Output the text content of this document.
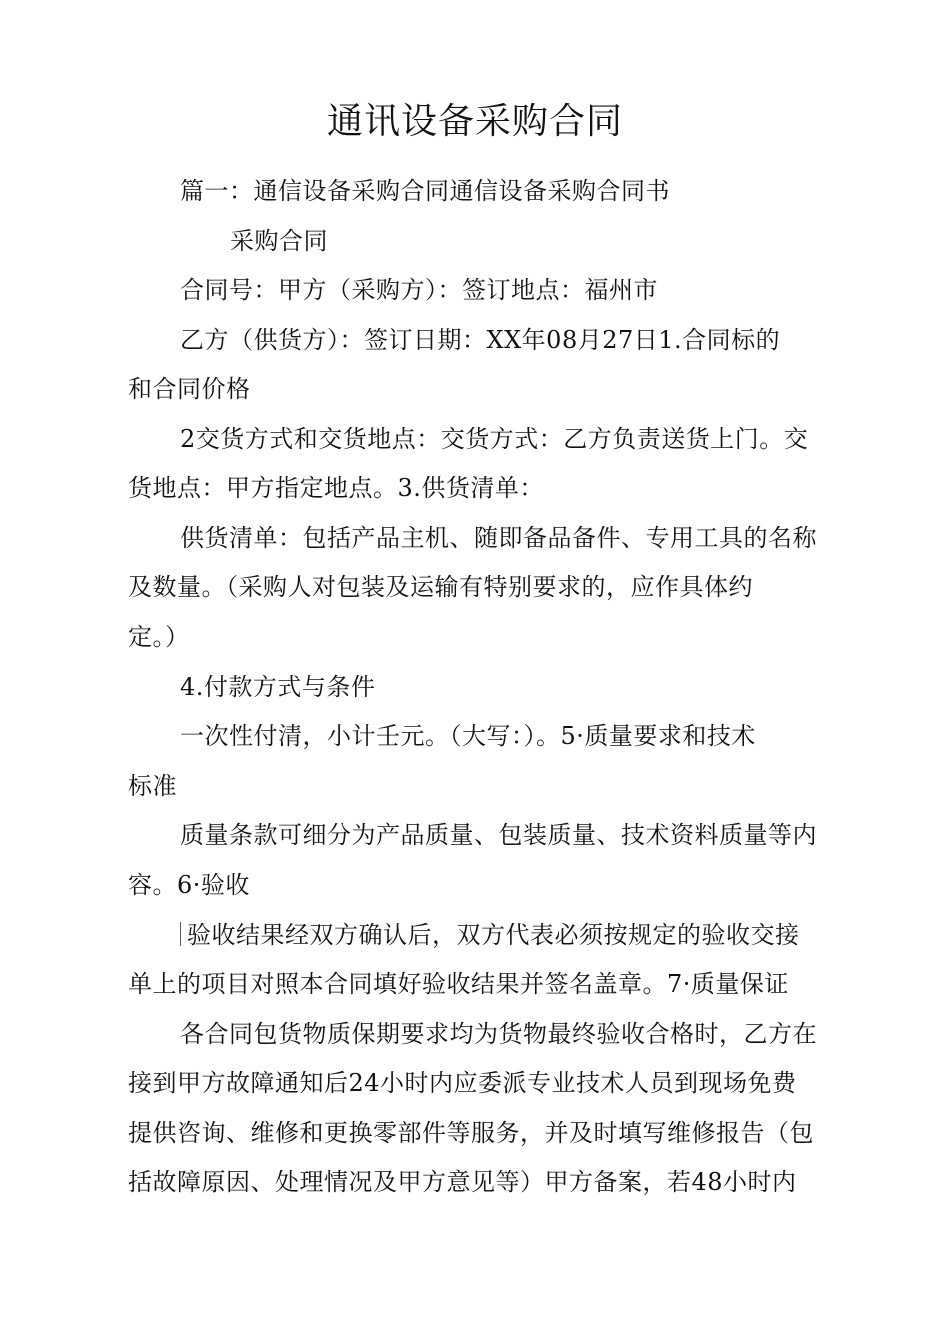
通讯设备采购合同
篇一：通信设备采购合同通信设备采购合同书
采购合同
合同号：甲方（采购方）：签订地点：福州市
乙方（供货方）：签订日期：XX年08月27日1.合同标的
和合同价格
2交货方式和交货地点：交货方式：乙方负责送货上门。交
货地点：甲方指定地点。3.供货清单：
供货清单：包括产品主机、随即备品备件、专用工具的名称
及数量。（采购人对包装及运输有特别要求的，应作具体约
定。）
4.付款方式与条件
一次性付清，小计壬元。（大写：）。5·质量要求和技术
标准
质量条款可细分为产品质量、包装质量、技术资料质量等内
容。6·验收
验收结果经双方确认后，双方代表必须按规定的验收交接
单上的项目对照本合同填好验收结果并签名盖章。7·质量保证
各合同包货物质保期要求均为货物最终验收合格时，乙方在
接到甲方故障通知后24小时内应委派专业技术人员到现场免费
提供咨询、维修和更换零部件等服务，并及时填写维修报告（包
括故障原因、处理情况及甲方意见等）甲方备案，若48小时内
